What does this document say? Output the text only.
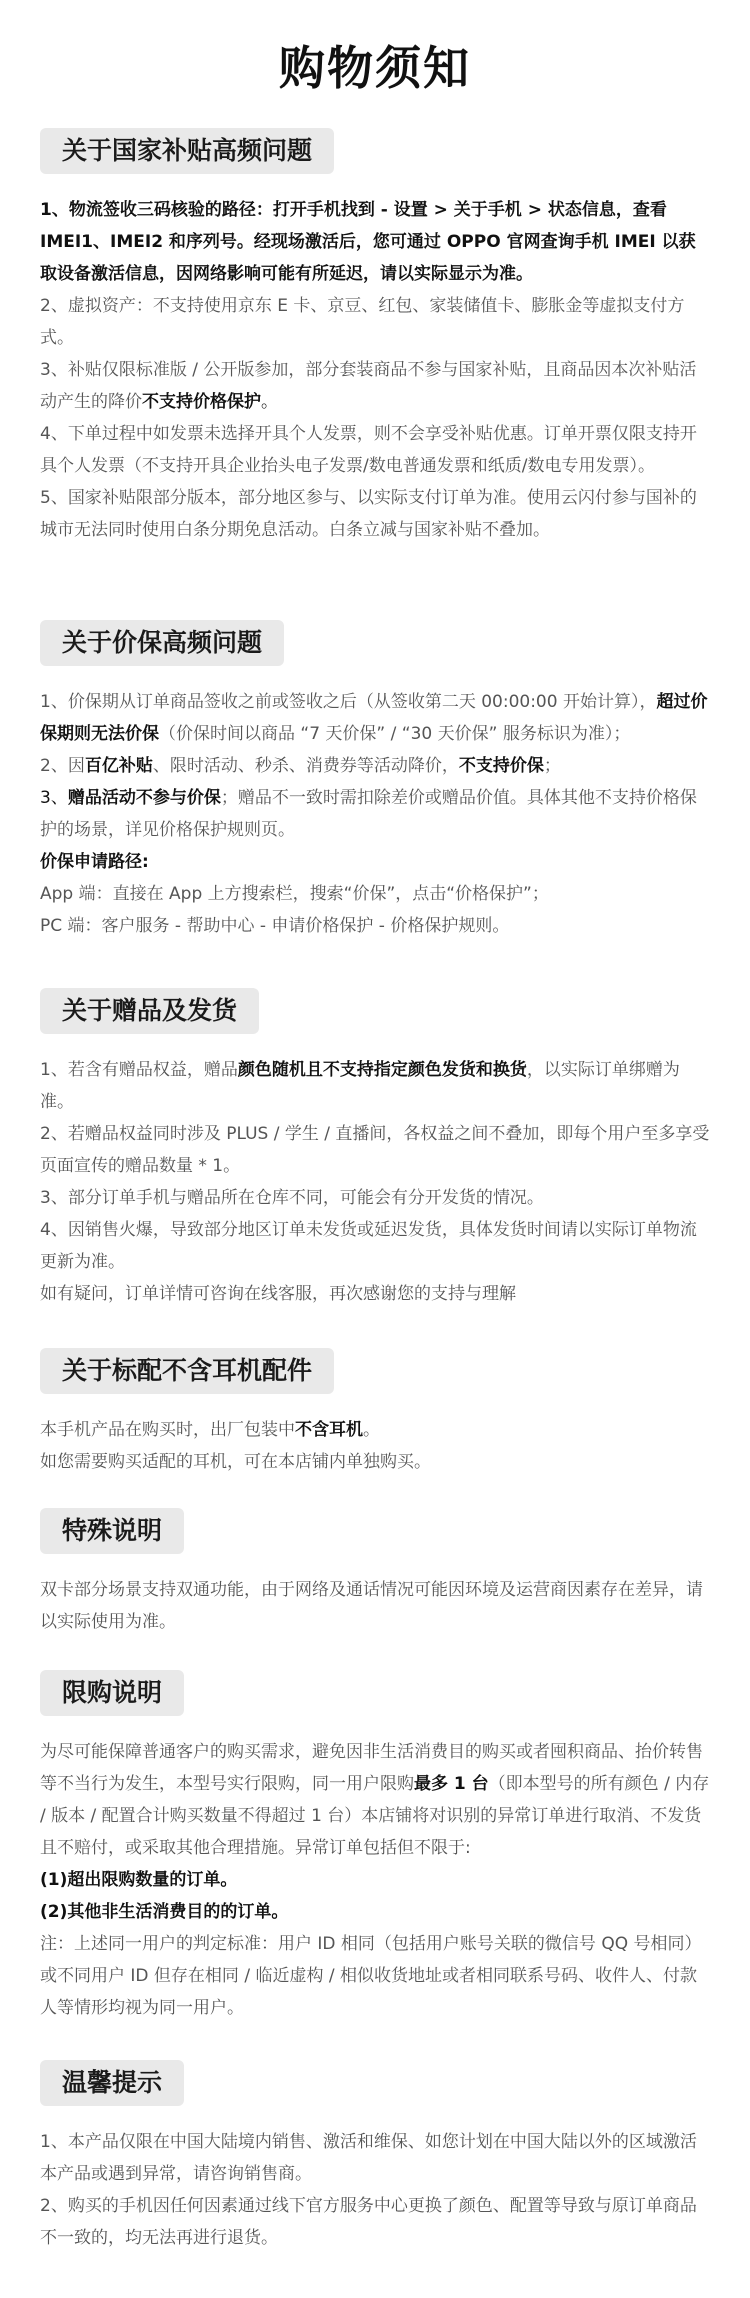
购物须知
关于国家补贴高频问题

1、物流签收三码核验的路径：打开手机找到 - 设置 > 关于手机 > 状态信息，查看 IMEI1、IMEI2 和序列号。经现场激活后，您可通过 OPPO 官网查询手机 IMEI 以获取设备激活信息，因网络影响可能有所延迟，请以实际显示为准。

2、虚拟资产：不支持使用京东 E 卡、京豆、红包、家装储值卡、膨胀金等虚拟支付方式。

3、补贴仅限标准版 / 公开版参加，部分套装商品不参与国家补贴，且商品因本次补贴活动产生的降价不支持价格保护。

4、下单过程中如发票未选择开具个人发票，则不会享受补贴优惠。订单开票仅限支持开具个人发票（不支持开具企业抬头电子发票/数电普通发票和纸质/数电专用发票）。

5、国家补贴限部分版本，部分地区参与、以实际支付订单为准。使用云闪付参与国补的城市无法同时使用白条分期免息活动。白条立减与国家补贴不叠加。

关于价保高频问题

1、价保期从订单商品签收之前或签收之后（从签收第二天 00:00:00 开始计算），超过价保期则无法价保（价保时间以商品 “7 天价保” / “30 天价保” 服务标识为准）；

2、因百亿补贴、限时活动、秒杀、消费券等活动降价，不支持价保；

3、赠品活动不参与价保；赠品不一致时需扣除差价或赠品价值。具体其他不支持价格保护的场景，详见价格保护规则页。

价保申请路径:

App 端：直接在 App 上方搜索栏，搜索“价保”，点击“价格保护”；

PC 端：客户服务 - 帮助中心 - 申请价格保护 - 价格保护规则。

关于赠品及发货

1、若含有赠品权益，赠品颜色随机且不支持指定颜色发货和换货，以实际订单绑赠为准。

2、若赠品权益同时涉及 PLUS / 学生 / 直播间，各权益之间不叠加，即每个用户至多享受页面宣传的赠品数量 * 1。

3、部分订单手机与赠品所在仓库不同，可能会有分开发货的情况。

4、因销售火爆，导致部分地区订单未发货或延迟发货，具体发货时间请以实际订单物流更新为准。

如有疑问，订单详情可咨询在线客服，再次感谢您的支持与理解

关于标配不含耳机配件

本手机产品在购买时，出厂包装中不含耳机。

如您需要购买适配的耳机，可在本店铺内单独购买。

特殊说明

双卡部分场景支持双通功能，由于网络及通话情况可能因环境及运营商因素存在差异，请以实际使用为准。

限购说明

为尽可能保障普通客户的购买需求，避免因非生活消费目的购买或者囤积商品、抬价转售等不当行为发生，本型号实行限购，同一用户限购最多 1 台（即本型号的所有颜色 / 内存 / 版本 / 配置合计购买数量不得超过 1 台）本店铺将对识别的异常订单进行取消、不发货且不赔付，或采取其他合理措施。异常订单包括但不限于:

(1)超出限购数量的订单。

(2)其他非生活消费目的的订单。

注：上述同一用户的判定标准：用户 ID 相同（包括用户账号关联的微信号 QQ 号相同）或不同用户 ID 但存在相同 / 临近虚构 / 相似收货地址或者相同联系号码、收件人、付款人等情形均视为同一用户。

温馨提示

1、本产品仅限在中国大陆境内销售、激活和维保、如您计划在中国大陆以外的区域激活本产品或遇到异常，请咨询销售商。

2、购买的手机因任何因素通过线下官方服务中心更换了颜色、配置等导致与原订单商品不一致的，均无法再进行退货。
